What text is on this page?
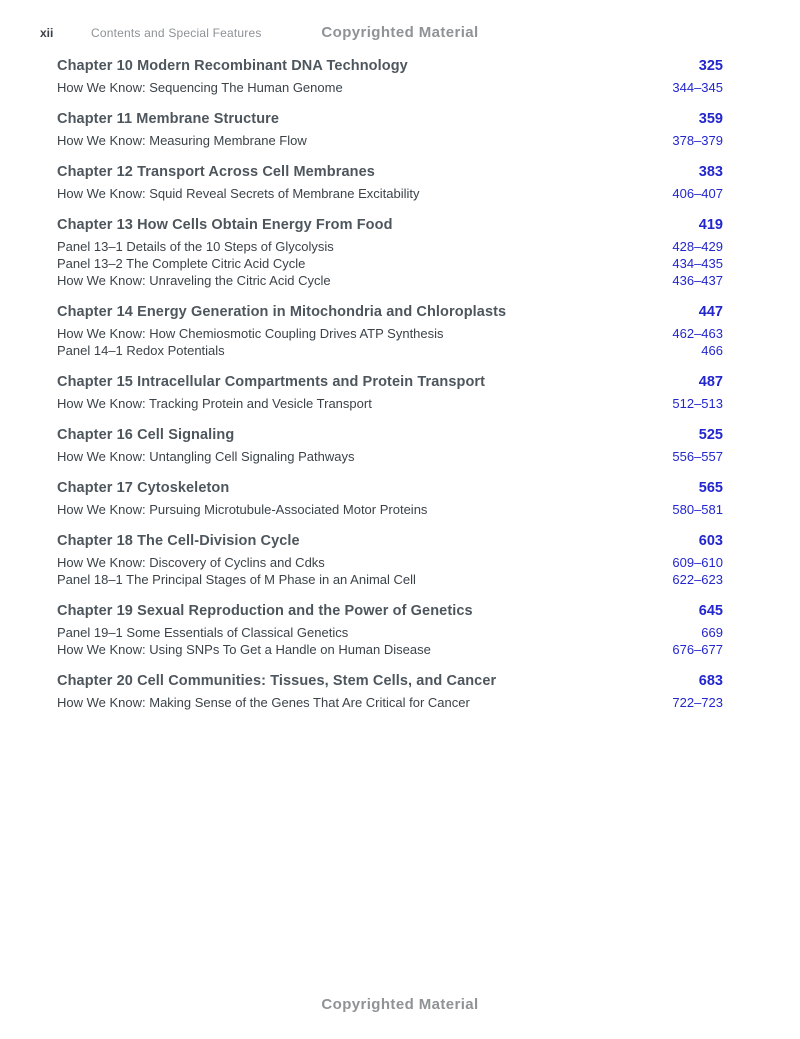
xii	Contents and Special Features	Copyrighted Material
Chapter 10 Modern Recombinant DNA Technology	325
How We Know: Sequencing The Human Genome	344–345
Chapter 11 Membrane Structure	359
How We Know: Measuring Membrane Flow	378–379
Chapter 12 Transport Across Cell Membranes	383
How We Know: Squid Reveal Secrets of Membrane Excitability	406–407
Chapter 13 How Cells Obtain Energy From Food	419
Panel 13–1 Details of the 10 Steps of Glycolysis	428–429
Panel 13–2 The Complete Citric Acid Cycle	434–435
How We Know: Unraveling the Citric Acid Cycle	436–437
Chapter 14 Energy Generation in Mitochondria and Chloroplasts	447
How We Know: How Chemiosmotic Coupling Drives ATP Synthesis	462–463
Panel 14–1 Redox Potentials	466
Chapter 15 Intracellular Compartments and Protein Transport	487
How We Know: Tracking Protein and Vesicle Transport	512–513
Chapter 16 Cell Signaling	525
How We Know: Untangling Cell Signaling Pathways	556–557
Chapter 17 Cytoskeleton	565
How We Know: Pursuing Microtubule-Associated Motor Proteins	580–581
Chapter 18 The Cell-Division Cycle	603
How We Know: Discovery of Cyclins and Cdks	609–610
Panel 18–1 The Principal Stages of M Phase in an Animal Cell	622–623
Chapter 19 Sexual Reproduction and the Power of Genetics	645
Panel 19–1 Some Essentials of Classical Genetics	669
How We Know: Using SNPs To Get a Handle on Human Disease	676–677
Chapter 20 Cell Communities: Tissues, Stem Cells, and Cancer	683
How We Know: Making Sense of the Genes That Are Critical for Cancer	722–723
Copyrighted Material
